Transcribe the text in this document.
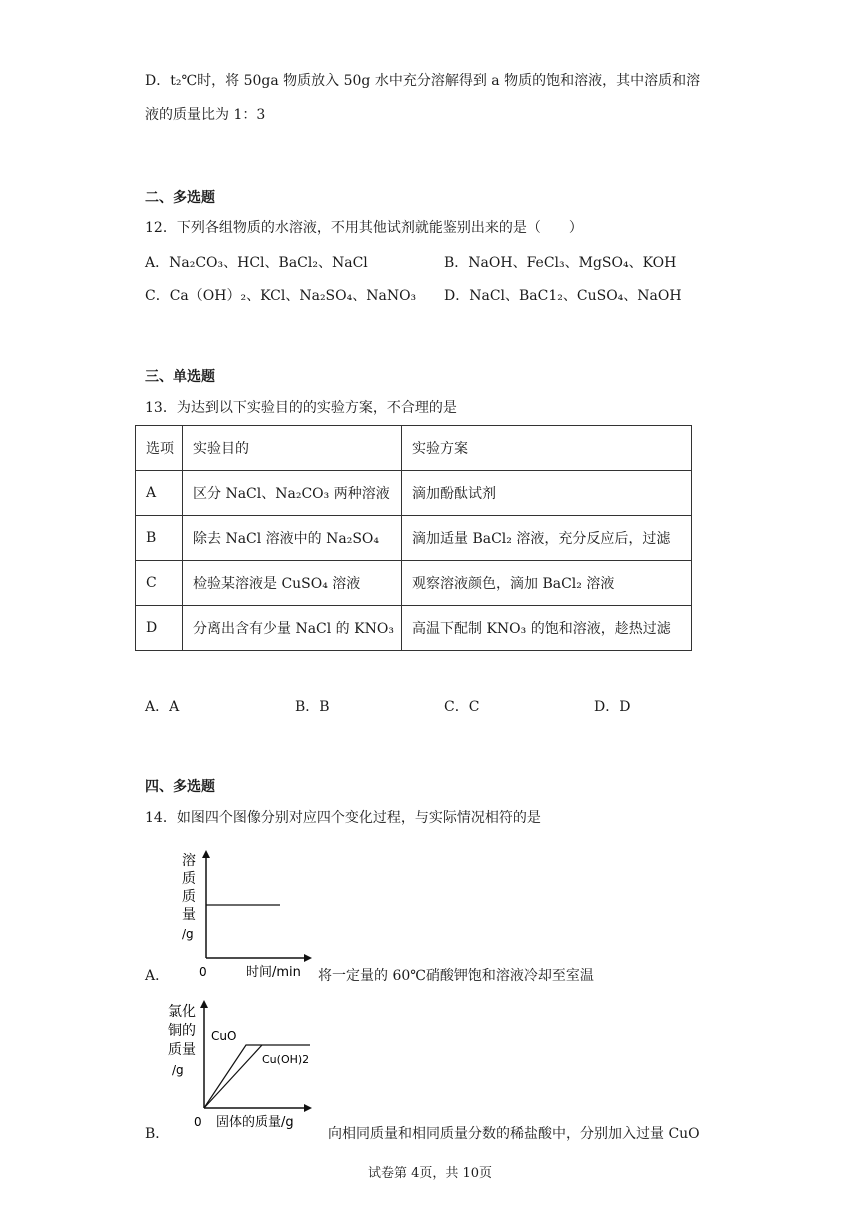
D．t₂℃时，将 50ga 物质放入 50g 水中充分溶解得到 a 物质的饱和溶液，其中溶质和溶
液的质量比为 1：3
二、多选题
12．下列各组物质的水溶液，不用其他试剂就能鉴别出来的是（　　）
A．Na₂CO₃、HCl、BaCl₂、NaCl	B．NaOH、FeCl₃、MgSO₄、KOH
C．Ca（OH）₂、KCl、Na₂SO₄、NaNO₃ D．NaCl、BaC1₂、CuSO₄、NaOH
三、单选题
13．为达到以下实验目的的实验方案，不合理的是
选项	实验目的	实验方案
A	区分 NaCl、Na₂CO₃ 两种溶液	滴加酚酞试剂
B	除去 NaCl 溶液中的 Na₂SO₄	滴加适量 BaCl₂ 溶液，充分反应后，过滤
C	检验某溶液是 CuSO₄ 溶液	观察溶液颜色，滴加 BaCl₂ 溶液
D	分离出含有少量 NaCl 的 KNO₃	高温下配制 KNO₃ 的饱和溶液，趁热过滤
A．A	B．B	C．C	D．D
四、多选题
14．如图四个图像分别对应四个变化过程，与实际情况相符的是
A．
溶
质
质
量
/g
0	时间/min 将一定量的 60℃硝酸钾饱和溶液冷却至室温
B．
CuO
Cu(OH)2
氯化
铜的
质量
/g
0 固体的质量/g
向相同质量和相同质量分数的稀盐酸中，分别加入过量 CuO
试卷第 4页，共 10页
